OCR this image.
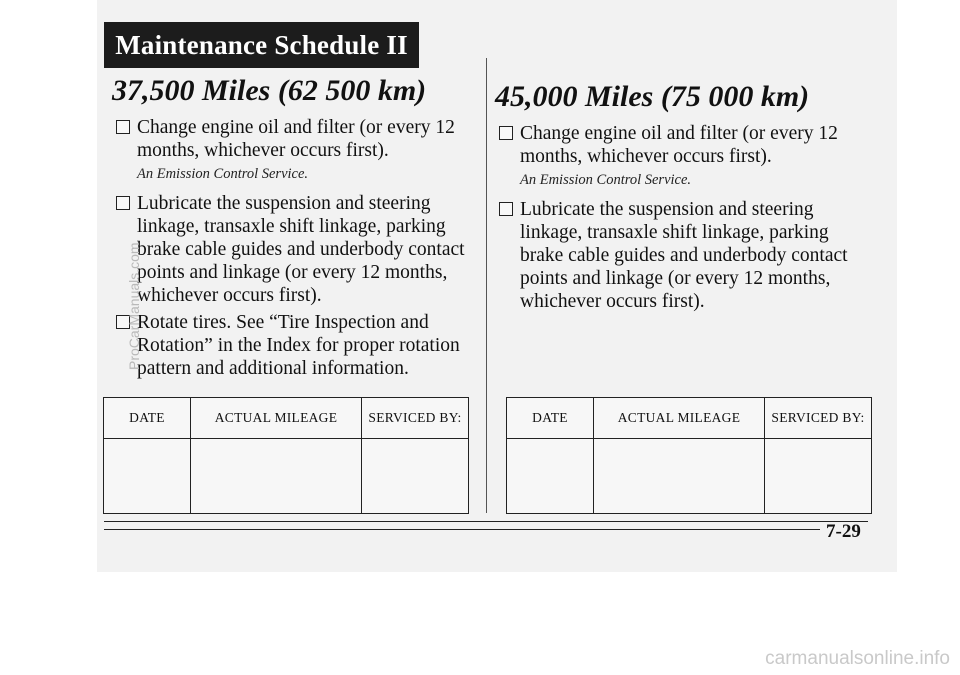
Maintenance Schedule II
37,500 Miles (62 500 km)
Change engine oil and filter (or every 12 months, whichever occurs first).
An Emission Control Service.
Lubricate the suspension and steering linkage, transaxle shift linkage, parking brake cable guides and underbody contact points and linkage (or every 12 months, whichever occurs first).
Rotate tires. See “Tire Inspection and Rotation” in the Index for proper rotation pattern and additional information.
45,000 Miles (75 000 km)
Change engine oil and filter (or every 12 months, whichever occurs first).
An Emission Control Service.
Lubricate the suspension and steering linkage, transaxle shift linkage, parking brake cable guides and underbody contact points and linkage (or every 12 months, whichever occurs first).
DATE	ACTUAL MILEAGE	SERVICED BY:
			DATE	ACTUAL MILEAGE	SERVICED BY:

7-29
ProCarManuals.com
carmanualsonline.info
